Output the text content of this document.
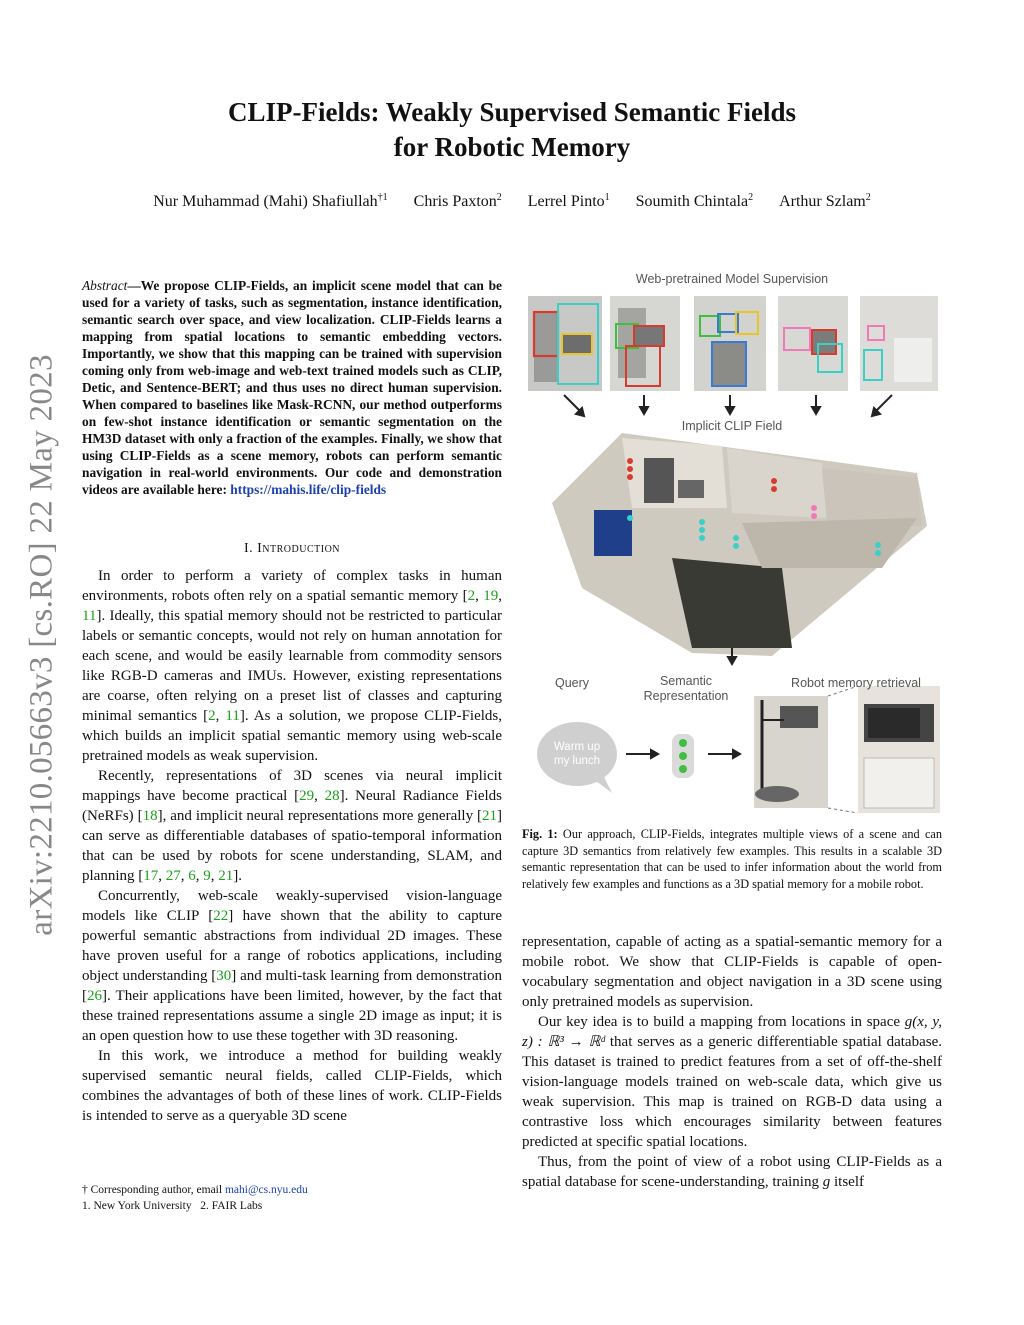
arXiv:2210.05663v3 [cs.RO] 22 May 2023
CLIP-Fields: Weakly Supervised Semantic Fields
for Robotic Memory
Nur Muhammad (Mahi) Shafiullah$^{\dagger 1}$ Chris Paxton$^2$ Lerrel Pinto$^1$ Soumith Chintala$^2$ Arthur Szlam$^2$
Abstract—We propose CLIP-Fields, an implicit scene model that can be used for a variety of tasks, such as segmentation, instance identification, semantic search over space, and view localization. CLIP-Fields learns a mapping from spatial locations to semantic embedding vectors. Importantly, we show that this mapping can be trained with supervision coming only from web-image and web-text trained models such as CLIP, Detic, and Sentence-BERT; and thus uses no direct human supervision. When compared to baselines like Mask-RCNN, our method outperforms on few-shot instance identification or semantic segmentation on the HM3D dataset with only a fraction of the examples. Finally, we show that using CLIP-Fields as a scene memory, robots can perform semantic navigation in real-world environments. Our code and demonstration videos are available here: https://mahis.life/clip-fields
I. Introduction

In order to perform a variety of complex tasks in human environments, robots often rely on a spatial semantic memory [2, 19, 11]. Ideally, this spatial memory should not be restricted to particular labels or semantic concepts, would not rely on human annotation for each scene, and would be easily learnable from commodity sensors like RGB-D cameras and IMUs. However, existing representations are coarse, often relying on a preset list of classes and capturing minimal semantics [2, 11]. As a solution, we propose CLIP-Fields, which builds an implicit spatial semantic memory using web-scale pretrained models as weak supervision.

Recently, representations of 3D scenes via neural implicit mappings have become practical [29, 28]. Neural Radiance Fields (NeRFs) [18], and implicit neural representations more generally [21] can serve as differentiable databases of spatio-temporal information that can be used by robots for scene understanding, SLAM, and planning [17, 27, 6, 9, 21].

Concurrently, web-scale weakly-supervised vision-language models like CLIP [22] have shown that the ability to capture powerful semantic abstractions from individual 2D images. These have proven useful for a range of robotics applications, including object understanding [30] and multi-task learning from demonstration [26]. Their applications have been limited, however, by the fact that these trained representations assume a single 2D image as input; it is an open question how to use these together with 3D reasoning.

In this work, we introduce a method for building weakly supervised semantic neural fields, called CLIP-Fields, which combines the advantages of both of these lines of work. CLIP-Fields is intended to serve as a queryable 3D scene

† Corresponding author, email mahi@cs.nyu.edu
1. New York University   2. FAIR Labs
Web-pretrained Model Supervision
Implicit CLIP Field
Query	Semantic Representation
Robot memory retrieval
Warm up
my lunch
Fig. 1: Our approach, CLIP-Fields, integrates multiple views of a scene and can capture 3D semantics from relatively few examples. This results in a scalable 3D semantic representation that can be used to infer information about the world from relatively few examples and functions as a 3D spatial memory for a mobile robot.

representation, capable of acting as a spatial-semantic memory for a mobile robot. We show that CLIP-Fields is capable of open-vocabulary segmentation and object navigation in a 3D scene using only pretrained models as supervision.

Our key idea is to build a mapping from locations in space g(x, y, z) : ℝ³ → ℝᵈ that serves as a generic differentiable spatial database. This dataset is trained to predict features from a set of off-the-shelf vision-language models trained on web-scale data, which give us weak supervision. This map is trained on RGB-D data using a contrastive loss which encourages similarity between features predicted at specific spatial locations.

Thus, from the point of view of a robot using CLIP-Fields as a spatial database for scene-understanding, training g itself
